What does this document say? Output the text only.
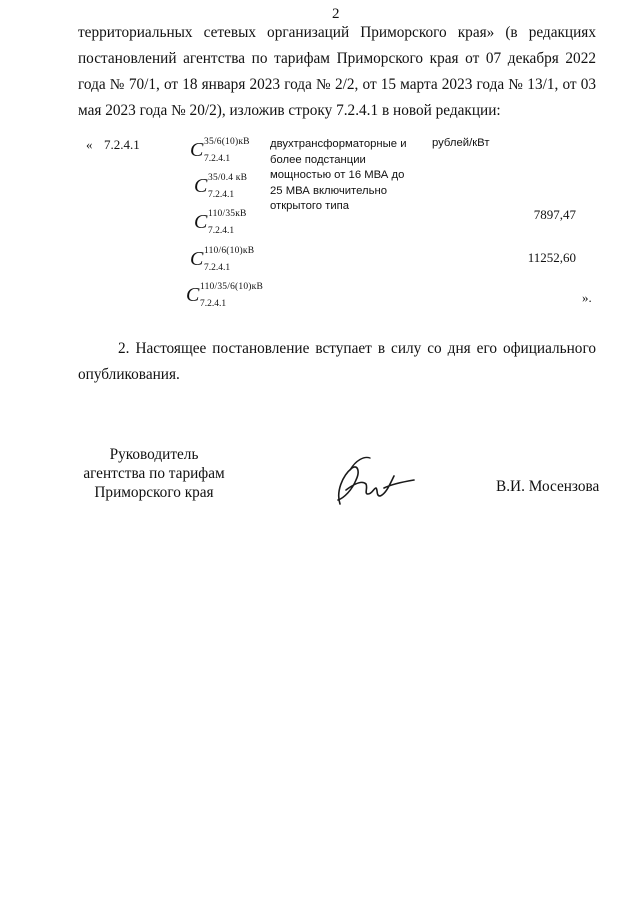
2
территориальных сетевых организаций Приморского края» (в редакциях постановлений агентства по тарифам Приморского края от 07 декабря 2022 года № 70/1, от 18 января 2023 года № 2/2, от 15 марта 2023 года № 13/1, от 03 мая 2023 года № 20/2), изложив строку 7.2.4.1 в новой редакции:
« 7.2.4.1	C 35/6(10)кВ
7.2.4.1
C 35/0.4 кВ
7.2.4.1
C 110/35кВ
7.2.4.1
C 110/6(10)кВ
7.2.4.1
C 110/35/6(10)кВ
7.2.4.1
двухтрансформаторные и
более подстанции
мощностью от 16 МВА до
25 МВА включительно
открытого типа
рублей/кВт
7897,47
11252,60
».
2. Настоящее постановление вступает в силу со дня его официального опубликования.
Руководитель
агентства по тарифам
Приморского края	В.И. Мосензова
